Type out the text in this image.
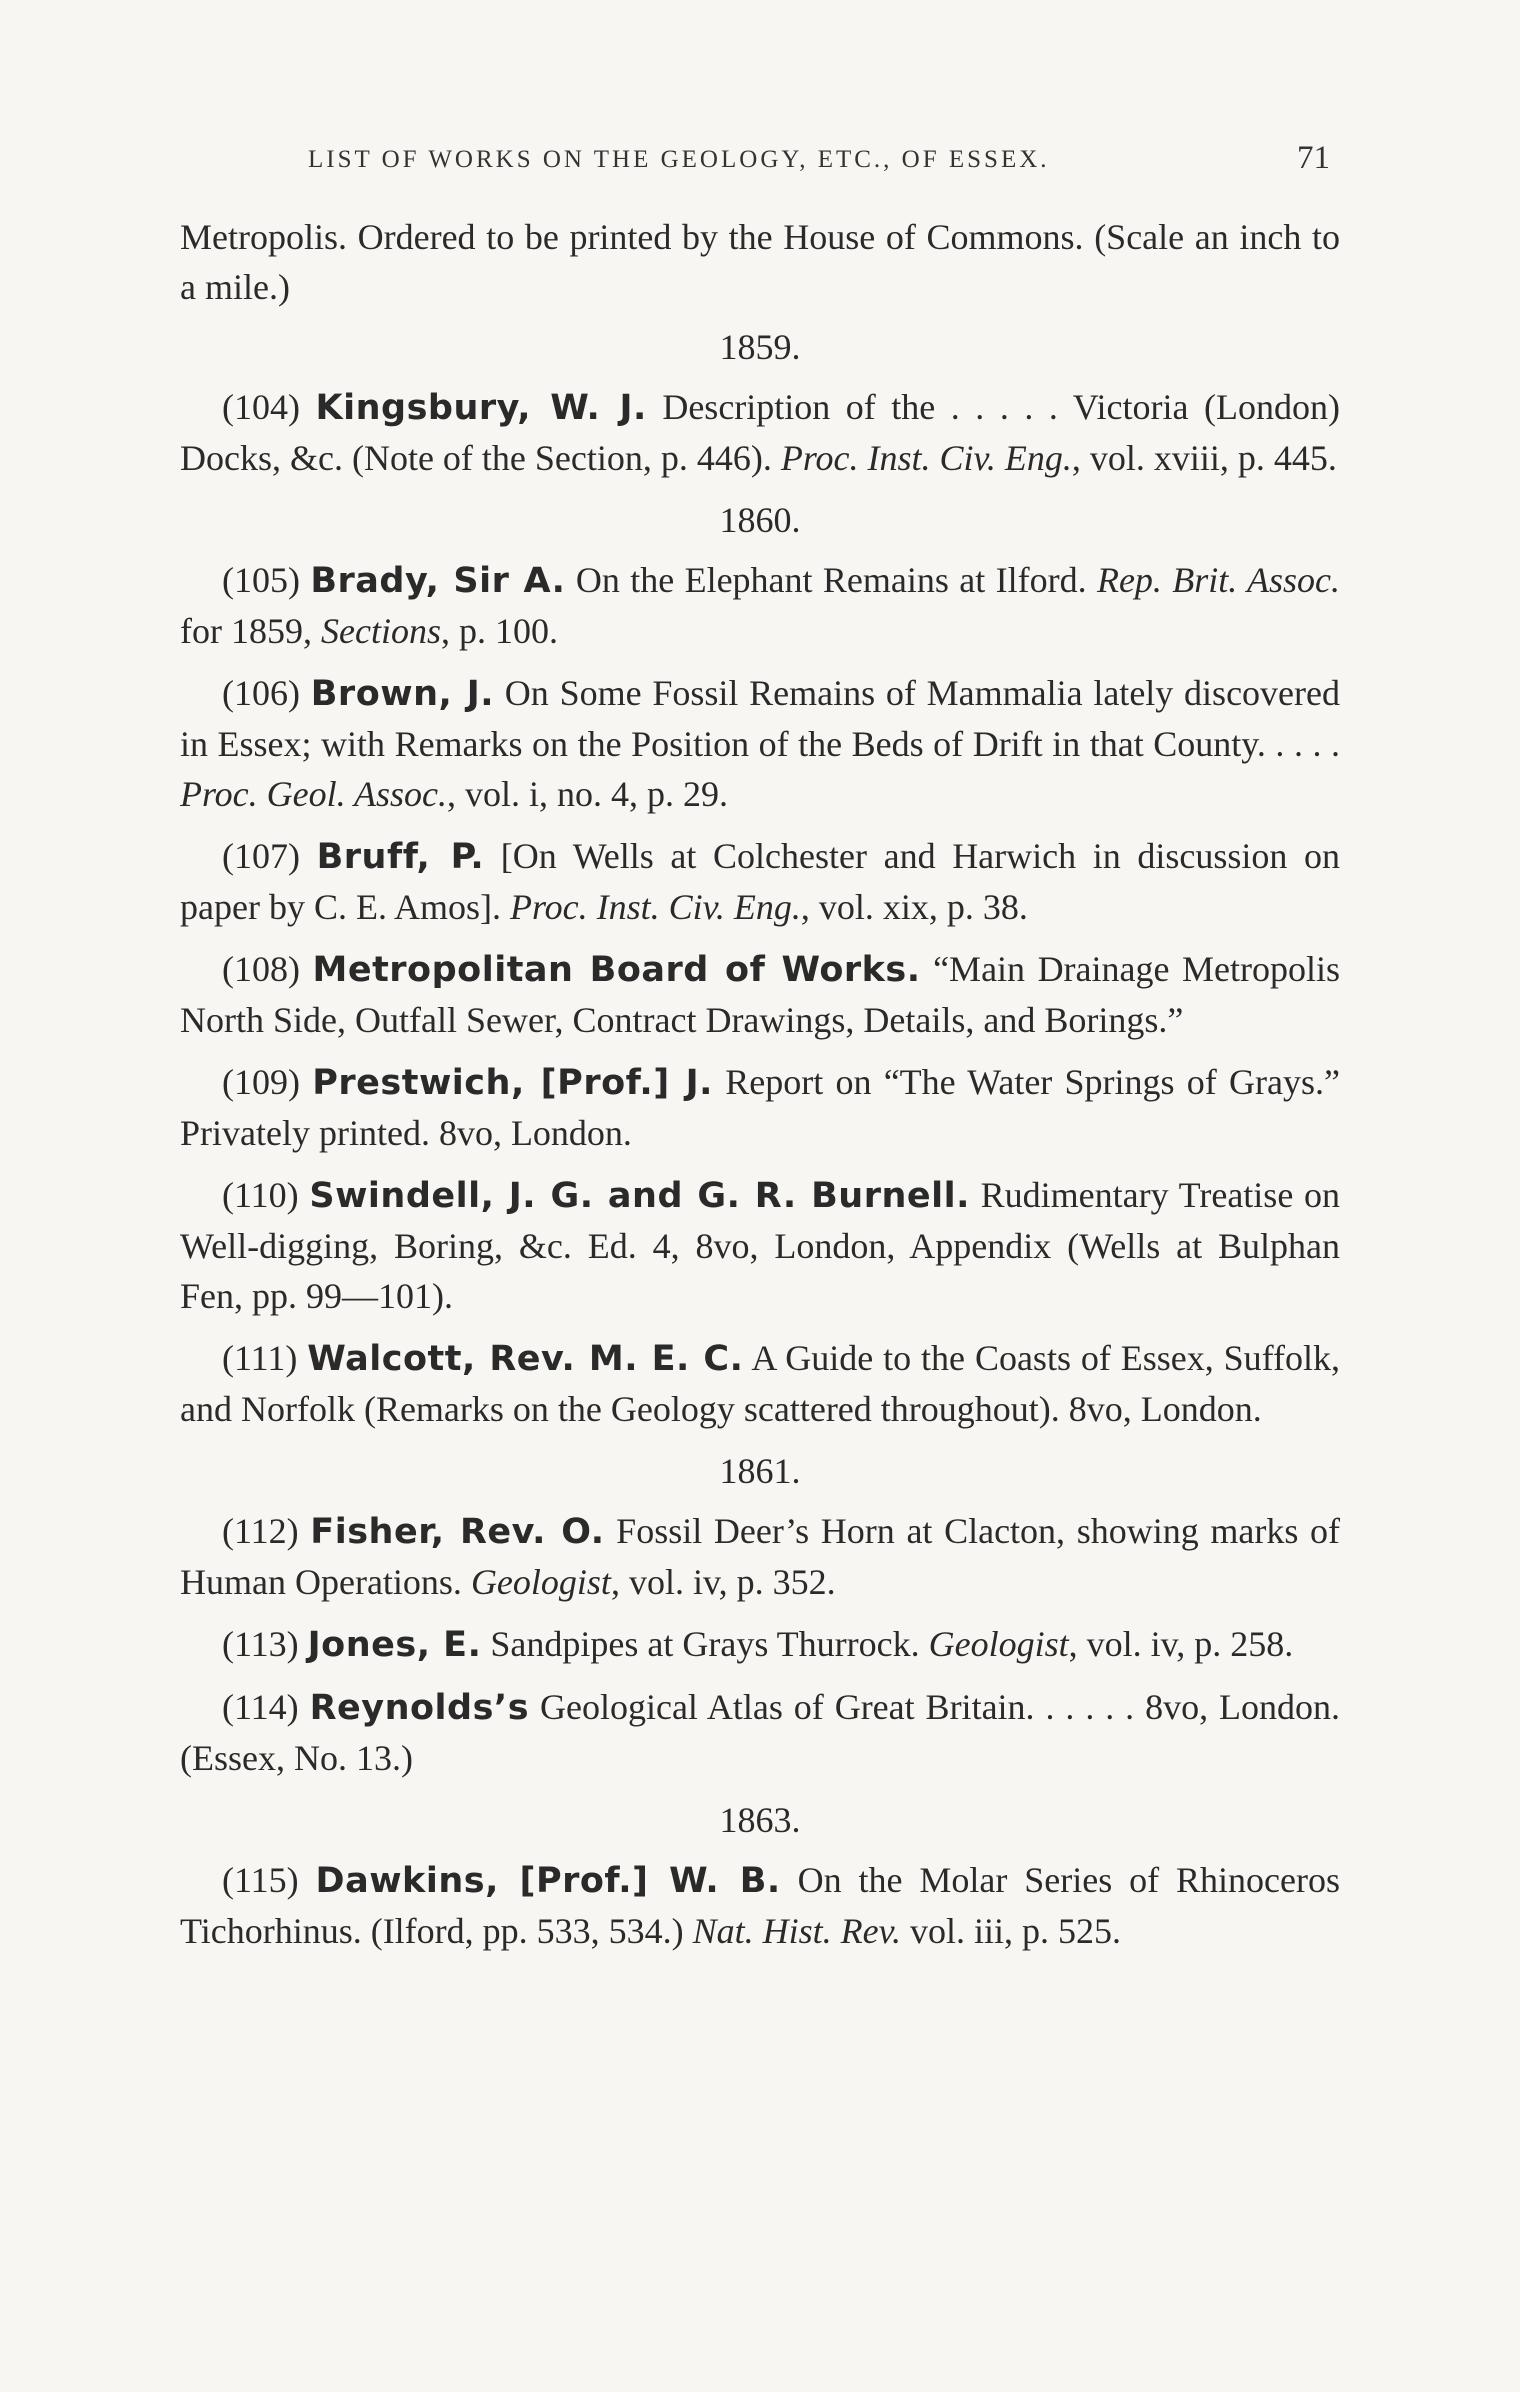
LIST OF WORKS ON THE GEOLOGY, ETC., OF ESSEX.	71

Metropolis. Ordered to be printed by the House of Commons. (Scale an inch to a mile.)

1859.

(104) Kingsbury, W. J. Description of the . . . . . Victoria (London) Docks, &c. (Note of the Section, p. 446). Proc. Inst. Civ. Eng., vol. xviii, p. 445.

1860.

(105) Brady, Sir A. On the Elephant Remains at Ilford. Rep. Brit. Assoc. for 1859, Sections, p. 100.

(106) Brown, J. On Some Fossil Remains of Mammalia lately discovered in Essex; with Remarks on the Position of the Beds of Drift in that County. . . . . Proc. Geol. Assoc., vol. i, no. 4, p. 29.

(107) Bruff, P. [On Wells at Colchester and Harwich in discussion on paper by C. E. Amos]. Proc. Inst. Civ. Eng., vol. xix, p. 38.

(108) Metropolitan Board of Works. “Main Drainage Metropolis North Side, Outfall Sewer, Contract Drawings, Details, and Borings.”

(109) Prestwich, [Prof.] J. Report on “The Water Springs of Grays.” Privately printed. 8vo, London.

(110) Swindell, J. G. and G. R. Burnell. Rudimentary Treatise on Well-digging, Boring, &c. Ed. 4, 8vo, London, Appendix (Wells at Bulphan Fen, pp. 99—101).

(111) Walcott, Rev. M. E. C. A Guide to the Coasts of Essex, Suffolk, and Norfolk (Remarks on the Geology scattered throughout). 8vo, London.

1861.

(112) Fisher, Rev. O. Fossil Deer’s Horn at Clacton, showing marks of Human Operations. Geologist, vol. iv, p. 352.

(113) Jones, E. Sandpipes at Grays Thurrock. Geologist, vol. iv, p. 258.

(114) Reynolds’s Geological Atlas of Great Britain. . . . . . 8vo, London. (Essex, No. 13.)

1863.

(115) Dawkins, [Prof.] W. B. On the Molar Series of Rhinoceros Tichorhinus. (Ilford, pp. 533, 534.) Nat. Hist. Rev. vol. iii, p. 525.
